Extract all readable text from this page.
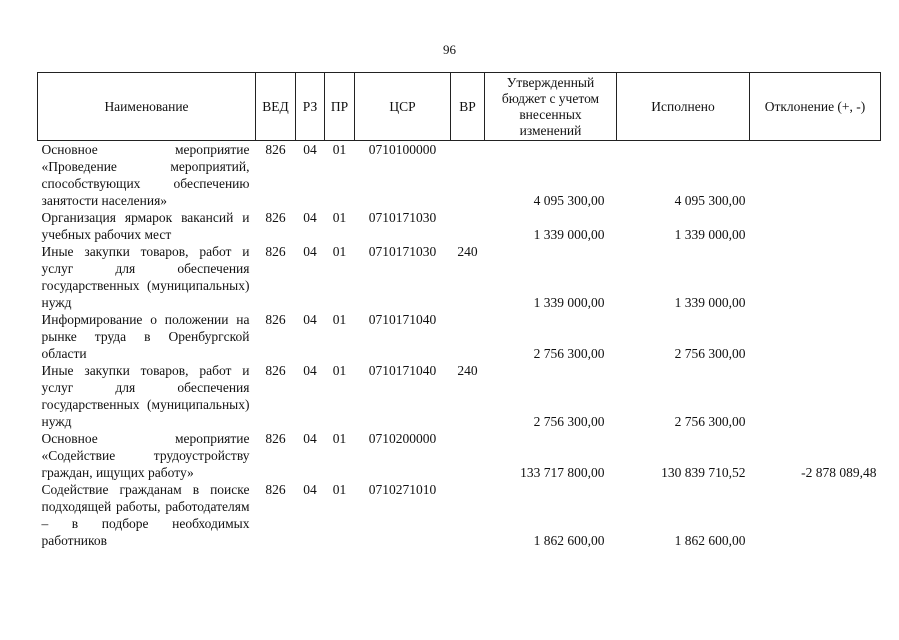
96
Наименование	ВЕД	РЗ	ПР	ЦСР	ВР	Утвержденный бюджет с учетом внесенных изменений	Исполнено	Отклонение (+, -)
Основное мероприятие «Проведение мероприятий, способствующих обеспечению занятости населения»	826	04	01	0710100000		4 095 300,00	4 095 300,00	
Организация ярмарок вакансий и учебных рабочих мест	826	04	01	0710171030		1 339 000,00	1 339 000,00	
Иные закупки товаров, работ и услуг для обеспечения государственных (муниципальных) нужд	826	04	01	0710171030	240	1 339 000,00	1 339 000,00	
Информирование о положении на рынке труда в Оренбургской области	826	04	01	0710171040		2 756 300,00	2 756 300,00	
Иные закупки товаров, работ и услуг для обеспечения государственных (муниципальных) нужд	826	04	01	0710171040	240	2 756 300,00	2 756 300,00	
Основное мероприятие «Содействие трудоустройству граждан, ищущих работу»	826	04	01	0710200000		133 717 800,00	130 839 710,52	-2 878 089,48
Содействие гражданам в поиске подходящей работы, работодателям – в подборе необходимых работников	826	04	01	0710271010		1 862 600,00	1 862 600,00	
